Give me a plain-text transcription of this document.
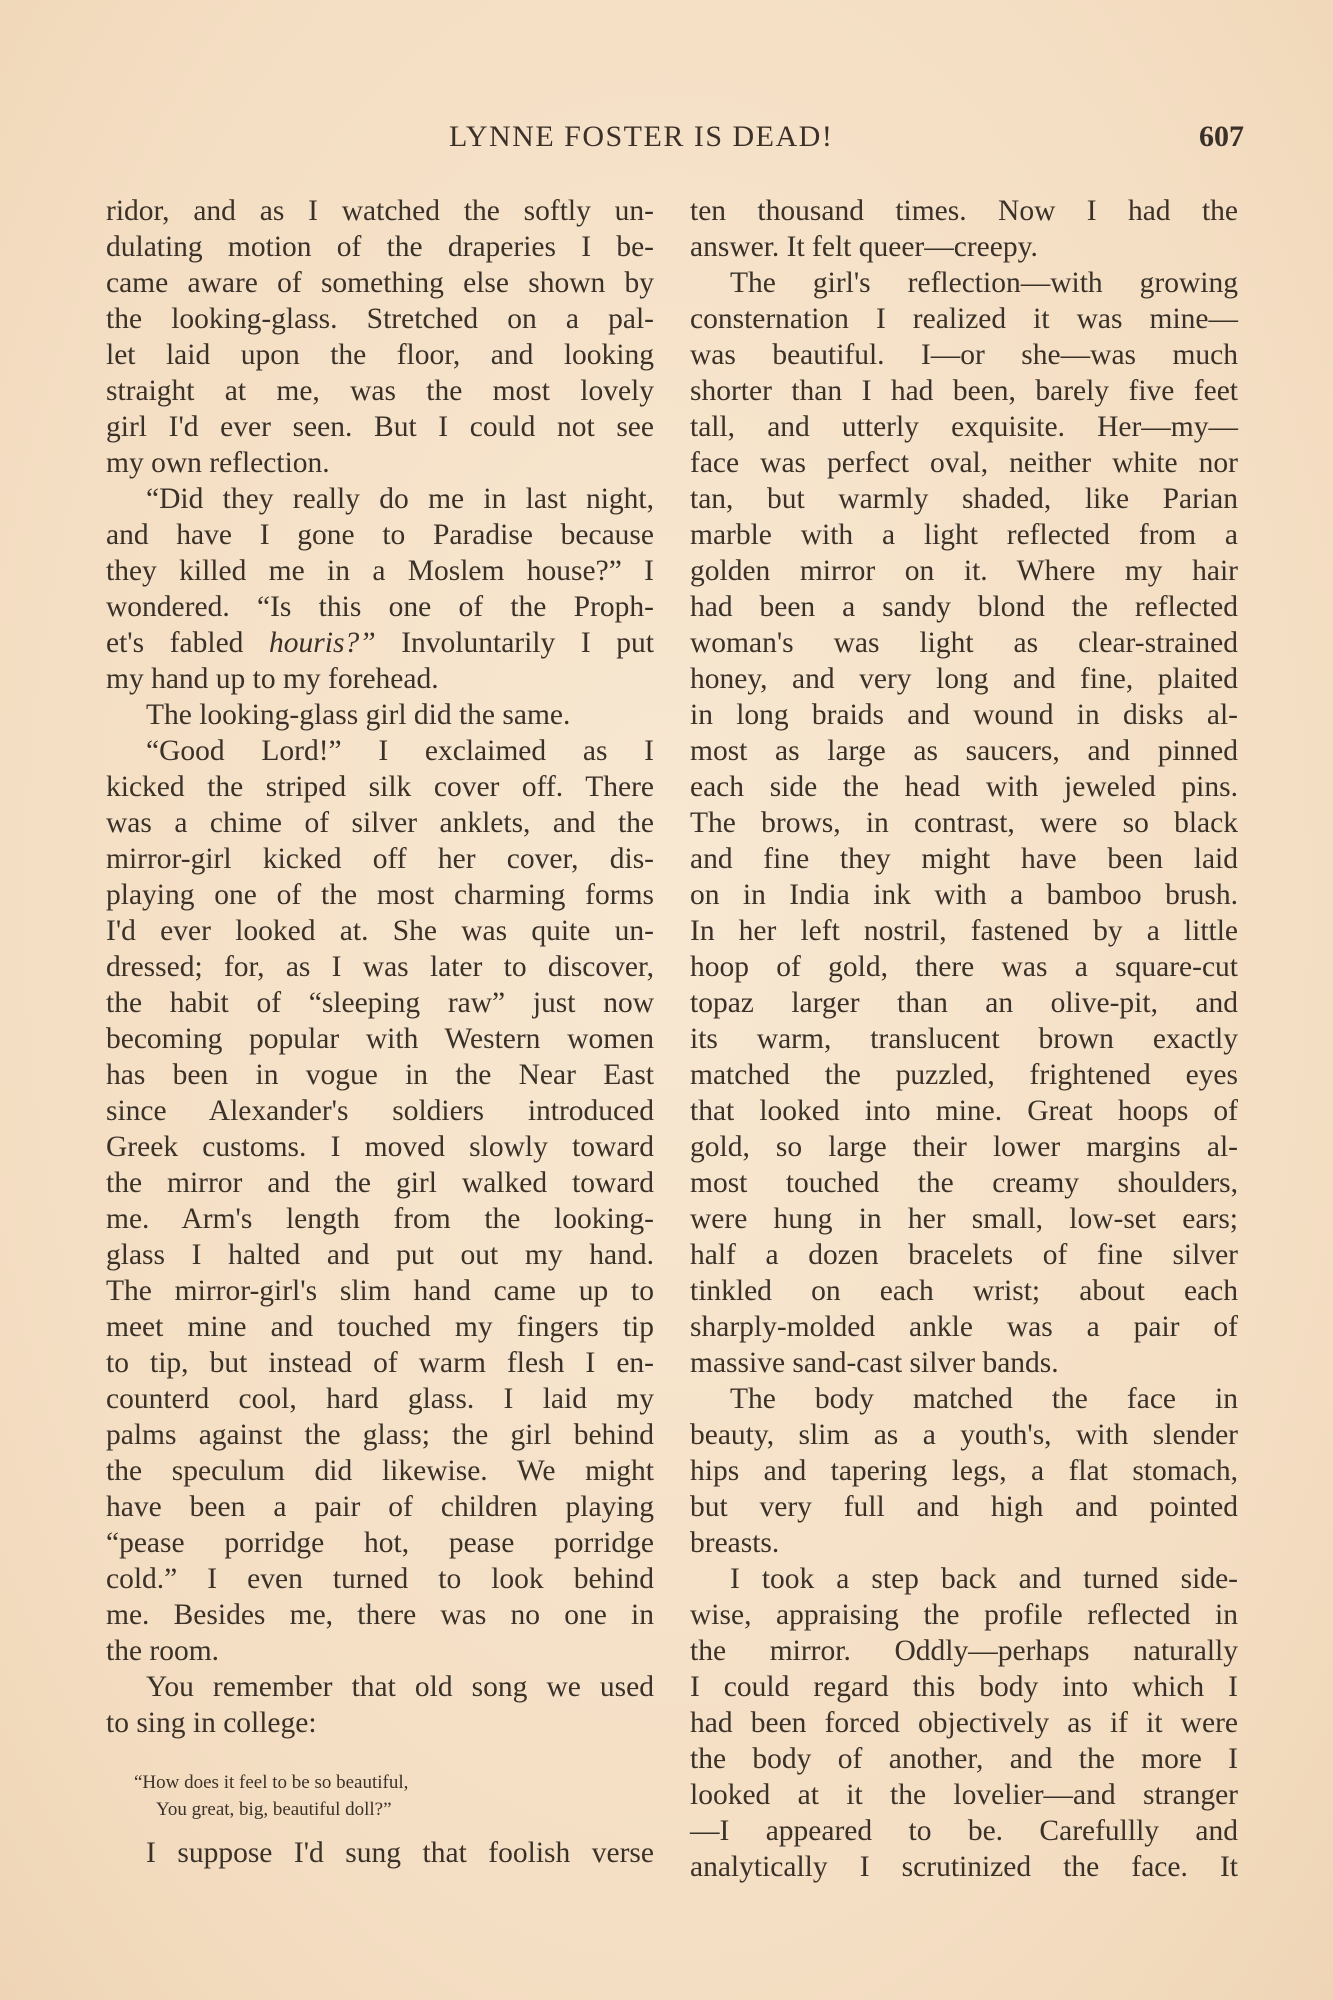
LYNNE FOSTER IS DEAD!	607
ridor, and as I watched the softly un-
dulating motion of the draperies I be-
came aware of something else shown by
the looking-glass. Stretched on a pal-
let laid upon the floor, and looking
straight at me, was the most lovely
girl I'd ever seen. But I could not see
my own reflection.
“Did they really do me in last night,
and have I gone to Paradise because
they killed me in a Moslem house?” I
wondered. “Is this one of the Proph-
et's fabled houris?” Involuntarily I put
my hand up to my forehead.
The looking-glass girl did the same.
“Good Lord!” I exclaimed as I
kicked the striped silk cover off. There
was a chime of silver anklets, and the
mirror-girl kicked off her cover, dis-
playing one of the most charming forms
I'd ever looked at. She was quite un-
dressed; for, as I was later to discover,
the habit of “sleeping raw” just now
becoming popular with Western women
has been in vogue in the Near East
since Alexander's soldiers introduced
Greek customs. I moved slowly toward
the mirror and the girl walked toward
me. Arm's length from the looking-
glass I halted and put out my hand.
The mirror-girl's slim hand came up to
meet mine and touched my fingers tip
to tip, but instead of warm flesh I en-
counterd cool, hard glass. I laid my
palms against the glass; the girl behind
the speculum did likewise. We might
have been a pair of children playing
“pease porridge hot, pease porridge
cold.” I even turned to look behind
me. Besides me, there was no one in
the room.
You remember that old song we used
to sing in college:
“How does it feel to be so beautiful,
You great, big, beautiful doll?”
I suppose I'd sung that foolish verse
ten thousand times. Now I had the
answer. It felt queer—creepy.
The girl's reflection—with growing
consternation I realized it was mine—
was beautiful. I—or she—was much
shorter than I had been, barely five feet
tall, and utterly exquisite. Her—my—
face was perfect oval, neither white nor
tan, but warmly shaded, like Parian
marble with a light reflected from a
golden mirror on it. Where my hair
had been a sandy blond the reflected
woman's was light as clear-strained
honey, and very long and fine, plaited
in long braids and wound in disks al-
most as large as saucers, and pinned
each side the head with jeweled pins.
The brows, in contrast, were so black
and fine they might have been laid
on in India ink with a bamboo brush.
In her left nostril, fastened by a little
hoop of gold, there was a square-cut
topaz larger than an olive-pit, and
its warm, translucent brown exactly
matched the puzzled, frightened eyes
that looked into mine. Great hoops of
gold, so large their lower margins al-
most touched the creamy shoulders,
were hung in her small, low-set ears;
half a dozen bracelets of fine silver
tinkled on each wrist; about each
sharply-molded ankle was a pair of
massive sand-cast silver bands.
The body matched the face in
beauty, slim as a youth's, with slender
hips and tapering legs, a flat stomach,
but very full and high and pointed
breasts.
I took a step back and turned side-
wise, appraising the profile reflected in
the mirror. Oddly—perhaps naturally
I could regard this body into which I
had been forced objectively as if it were
the body of another, and the more I
looked at it the lovelier—and stranger
—I appeared to be. Carefullly and
analytically I scrutinized the face. It
